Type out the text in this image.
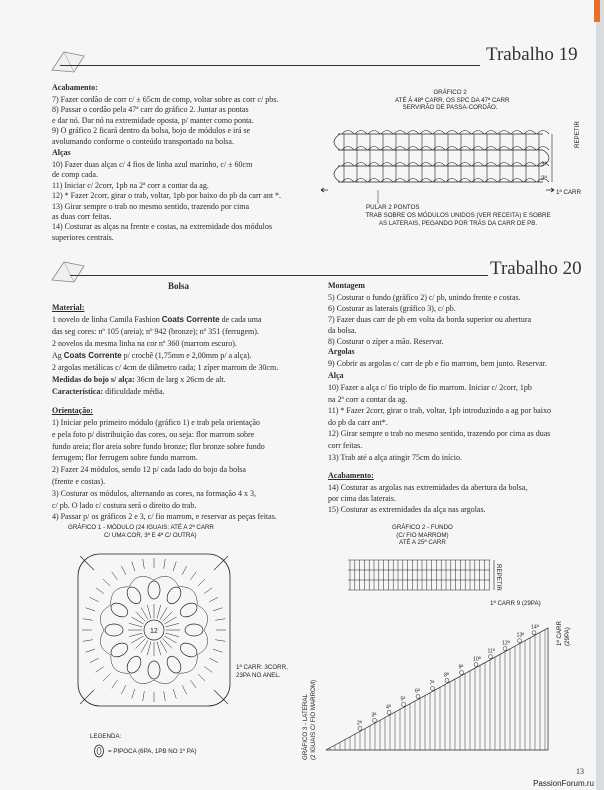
Trabalho 19
Acabamento:
7) Fazer cordão de corr c/ ± 65cm de comp, voltar sobre as corr c/ pbs.
8) Passar o cordão pela 47ª carr do gráfico 2. Juntar as pontas
e dar nó. Dar nó na extremidade oposta, p/ manter como ponta.
9) O gráfico 2 ficará dentro da bolsa, bojo de módulos e irá se
avolumando conforme o conteúdo transportado na bolsa.
Alças
10) Fazer duas alças c/ 4 fios de linha azul marinho, c/ ± 60cm
de comp cada.
11) Iniciar c/ 2corr, 1pb na 2ª corr a contar da ag.
12) * Fazer 2corr, girar o trab, voltar, 1pb por baixo do pb da carr ant *.
13) Girar sempre o trab no mesmo sentido, trazendo por cima
as duas corr feitas.
14) Costurar as alças na frente e costas, na extremidade dos módulos
superiores centrais.
GRÁFICO 2
ATÉ À 48ª CARR. OS SPC DA 47ª CARR
SERVIRÃO DE PASSA-CORDÃO.
REPETIR
1ª CARR
3ª
2ª
PULAR 2 PONTOS
TRAB SOBRE OS MÓDULOS UNIDOS (VER RECEITA) E SOBRE
AS LATERAIS, PEGANDO POR TRÁS DA CARR DE PB.
Trabalho 20
Bolsa
Material:
1 novelo de linha Camila Fashion Coats Corrente de cada uma
das seg cores: nº 105 (areia); nº 942 (bronze); nº 351 (ferrugem).
2 novelos da mesma linha na cor nº 360 (marrom escuro).
Ag Coats Corrente p/ crochê (1,75mm e 2,00mm p/ a alça).
2 argolas metálicas c/ 4cm de diâmetro cada; 1 zíper marrom de 30cm.
Medidas do bojo s/ alça: 36cm de larg x 26cm de alt.
Característica: dificuldade média.
Orientação:
1) Iniciar pelo primeiro módulo (gráfico 1) e trab pela orientação
e pela foto p/ distribuição das cores, ou seja: flor marrom sobre
fundo areia; flor areia sobre fundo bronze; flor bronze sobre fundo
ferrugem; flor ferrugem sobre fundo marrom.
2) Fazer 24 módulos, sendo 12 p/ cada lado do bojo da bolsa
(frente e costas).
3) Costurar os módulos, alternando as cores, na formação 4 x 3,
c/ pb. O lado c/ costura será o direito do trab.
4) Passar p/ os gráficos 2 e 3, c/ fio marrom, e reservar as peças feitas.
Montagem
5) Costurar o fundo (gráfico 2) c/ pb, unindo frente e costas.
6) Costurar as laterais (gráfico 3), c/ pb.
7) Fazer duas carr de pb em volta da borda superior ou abertura
da bolsa.
8) Costurar o zíper a mão. Reservar.
Argolas
9) Cobrir as argolas c/ carr de pb e fio marrom, bem junto. Reservar.
Alça
10) Fazer a alça c/ fio triplo de fio marrom. Iniciar c/ 2corr, 1pb
na 2ª corr a contar da ag.
11) * Fazer 2corr, girar o trab, voltar, 1pb introduzindo a ag por baixo
do pb da carr ant*.
12) Girar sempre o trab no mesmo sentido, trazendo por cima as duas
corr feitas.
13) Trab até a alça atingir 75cm do início.
Acabamento:
14) Costurar as argolas nas extremidades da abertura da bolsa,
por cima das laterais.
15) Costurar as extremidades da alça nas argolas.
GRÁFICO 1 - MÓDULO (24 IGUAIS: ATÉ A 2ª CARR
C/ UMA COR, 3ª E 4ª C/ OUTRA)
12
1ª CARR: 3CORR,
23PA NO ANEL.
LEGENDA:
= PIPOCA (6PA, 1PB NO 1º PA)
GRÁFICO 2 - FUNDO
(C/ FIO MARROM)
ATÉ A 25ª CARR
REPETIR
1ª CARR 9 (29PA)
2ª
3ª
4ª
5ª
6ª
7ª
8ª
9ª
10ª
11ª
12ª
13ª
14ª
GRÁFICO 3 - LATERAL (2 IGUAIS C/ FIO MARROM)
1ª CARR (29PA)
PassionForum.ru
13
